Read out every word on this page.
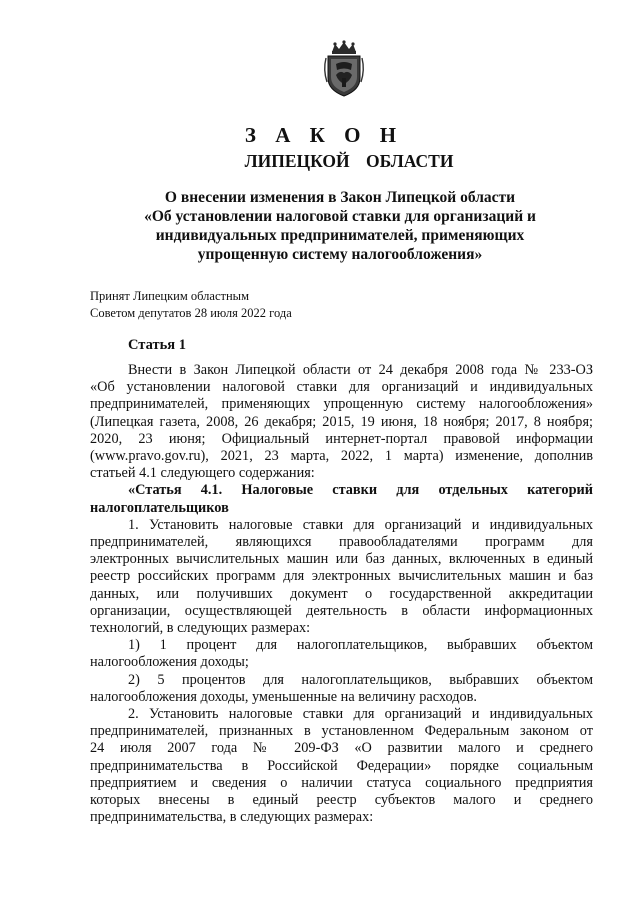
З А К О Н
ЛИПЕЦКОЙ ОБЛАСТИ
О внесении изменения в Закон Липецкой области
«Об установлении налоговой ставки для организаций и
индивидуальных предпринимателей, применяющих
упрощенную систему налогообложения»
Принят Липецким областным
Советом депутатов 28 июля 2022 года
Статья 1
Внести в Закон Липецкой области от 24 декабря 2008 года № 233-ОЗ
«Об установлении налоговой ставки для организаций и индивидуальных
предпринимателей, применяющих упрощенную систему налогообложения»
(Липецкая газета, 2008, 26 декабря; 2015, 19 июня, 18 ноября; 2017, 8 ноября;
2020, 23 июня; Официальный интернет-портал правовой информации
(www.pravo.gov.ru), 2021, 23 марта, 2022, 1 марта) изменение, дополнив
статьей 4.1 следующего содержания:
«Статья 4.1. Налоговые ставки для отдельных категорий
налогоплательщиков
1. Установить налоговые ставки для организаций и индивидуальных
предпринимателей, являющихся правообладателями программ для
электронных вычислительных машин или баз данных, включенных в единый
реестр российских программ для электронных вычислительных машин и баз
данных, или получивших документ о государственной аккредитации
организации, осуществляющей деятельность в области информационных
технологий, в следующих размерах:
1) 1 процент для налогоплательщиков, выбравших объектом
налогообложения доходы;
2) 5 процентов для налогоплательщиков, выбравших объектом
налогообложения доходы, уменьшенные на величину расходов.
2. Установить налоговые ставки для организаций и индивидуальных
предпринимателей, признанных в установленном Федеральным законом от
24 июля 2007 года № 209-ФЗ «О развитии малого и среднего
предпринимательства в Российской Федерации» порядке социальным
предприятием и сведения о наличии статуса социального предприятия
которых внесены в единый реестр субъектов малого и среднего
предпринимательства, в следующих размерах:
